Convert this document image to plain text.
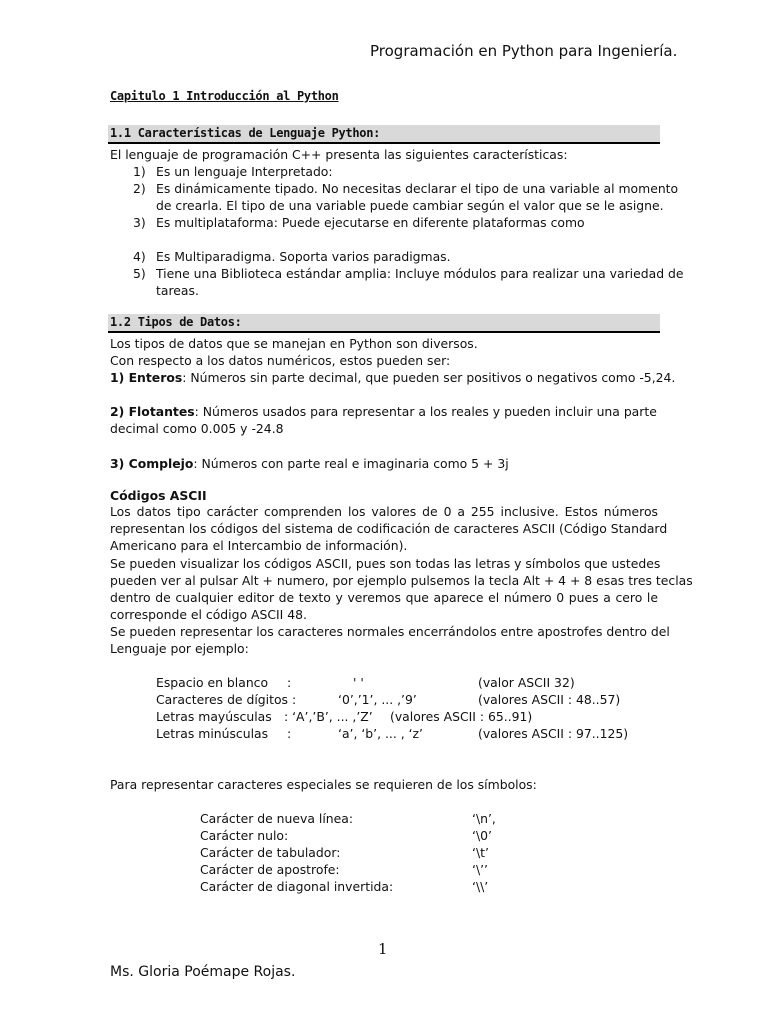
Programación en Python para Ingeniería.
Capitulo 1 Introducción al Python
1.1 Características de Lenguaje Python:
El lenguaje de programación C++ presenta las siguientes características:
1) Es un lenguaje Interpretado:
2) Es dinámicamente tipado. No necesitas declarar el tipo de una variable al momento
de crearla. El tipo de una variable puede cambiar según el valor que se le asigne.
3) Es multiplataforma: Puede ejecutarse en diferente plataformas como
4) Es Multiparadigma. Soporta varios paradigmas.
5) Tiene una Biblioteca estándar amplia: Incluye módulos para realizar una variedad de
tareas.
1.2 Tipos de Datos:
Los tipos de datos que se manejan en Python son diversos.
Con respecto a los datos numéricos, estos pueden ser:
1) Enteros: Números sin parte decimal, que pueden ser positivos o negativos como -5,24.
2) Flotantes: Números usados para representar a los reales y pueden incluir una parte
decimal como 0.005 y -24.8
3) Complejo: Números con parte real e imaginaria como 5 + 3j
Códigos ASCII
Los datos tipo carácter comprenden los valores de 0 a 255 inclusive. Estos números
representan los códigos del sistema de codificación de caracteres ASCII (Código Standard
Americano para el Intercambio de información).
Se pueden visualizar los códigos ASCII, pues son todas las letras y símbolos que ustedes
pueden ver al pulsar Alt + numero, por ejemplo pulsemos la tecla Alt + 4 + 8 esas tres teclas
dentro de cualquier editor de texto y veremos que aparece el número 0 pues a cero le
corresponde el código ASCII 48.
Se pueden representar los caracteres normales encerrándolos entre apostrofes dentro del
Lenguaje por ejemplo:
Espacio en blanco :	' '	(valor ASCII 32)
Caracteres de dígitos :	‘0’,’1’, ... ,’9’	(valores ASCII : 48..57)
Letras mayúsculas : ‘A’,’B’, ... ,’Z’ (valores ASCII : 65..91)
Letras minúsculas :	‘a’, ‘b’, ... , ‘z’	(valores ASCII : 97..125)
Para representar caracteres especiales se requieren de los símbolos:
Carácter de nueva línea:	‘\n’,
Carácter nulo:	‘\0’
Carácter de tabulador:	‘\t’
Carácter de apostrofe:	‘\’’
Carácter de diagonal invertida:	‘\\’
1
Ms. Gloria Poémape Rojas.
